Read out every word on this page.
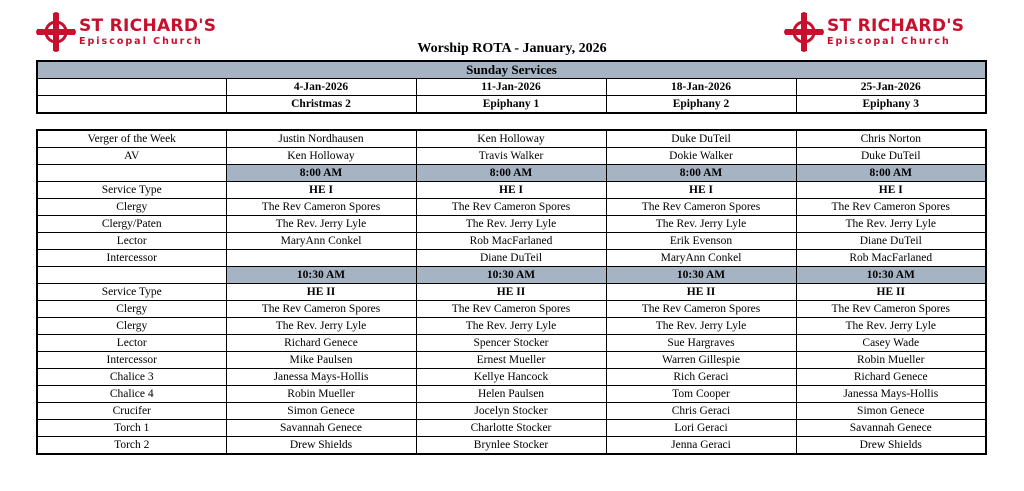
ST RICHARD'S
Episcopal Church
ST RICHARD'S
Episcopal Church
Worship ROTA - January, 2026
Sunday Services				
	4-Jan-2026	11-Jan-2026	18-Jan-2026	25-Jan-2026
	Christmas 2	Epiphany 1	Epiphany 2	Epiphany 3
Verger of the Week	Justin Nordhausen	Ken Holloway	Duke DuTeil	Chris Norton
AV	Ken Holloway	Travis Walker	Dokie Walker	Duke DuTeil
	8:00 AM	8:00 AM	8:00 AM	8:00 AM
Service Type	HE I	HE I	HE I	HE I
Clergy	The Rev Cameron Spores	The Rev Cameron Spores	The Rev Cameron Spores	The Rev Cameron Spores
Clergy/Paten	The Rev. Jerry Lyle	The Rev. Jerry Lyle	The Rev. Jerry Lyle	The Rev. Jerry Lyle
Lector	MaryAnn Conkel	Rob MacFarlaned	Erik Evenson	Diane DuTeil
Intercessor		Diane DuTeil	MaryAnn Conkel	Rob MacFarlaned
	10:30 AM	10:30 AM	10:30 AM	10:30 AM
Service Type	HE II	HE II	HE II	HE II
Clergy	The Rev Cameron Spores	The Rev Cameron Spores	The Rev Cameron Spores	The Rev Cameron Spores
Clergy	The Rev. Jerry Lyle	The Rev. Jerry Lyle	The Rev. Jerry Lyle	The Rev. Jerry Lyle
Lector	Richard Genece	Spencer Stocker	Sue Hargraves	Casey Wade
Intercessor	Mike Paulsen	Ernest Mueller	Warren Gillespie	Robin Mueller
Chalice 3	Janessa Mays-Hollis	Kellye Hancock	Rich Geraci	Richard Genece
Chalice 4	Robin Mueller	Helen Paulsen	Tom Cooper	Janessa Mays-Hollis
Crucifer	Simon Genece	Jocelyn Stocker	Chris Geraci	Simon Genece
Torch 1	Savannah Genece	Charlotte Stocker	Lori Geraci	Savannah Genece
Torch 2	Drew Shields	Brynlee Stocker	Jenna Geraci	Drew Shields
